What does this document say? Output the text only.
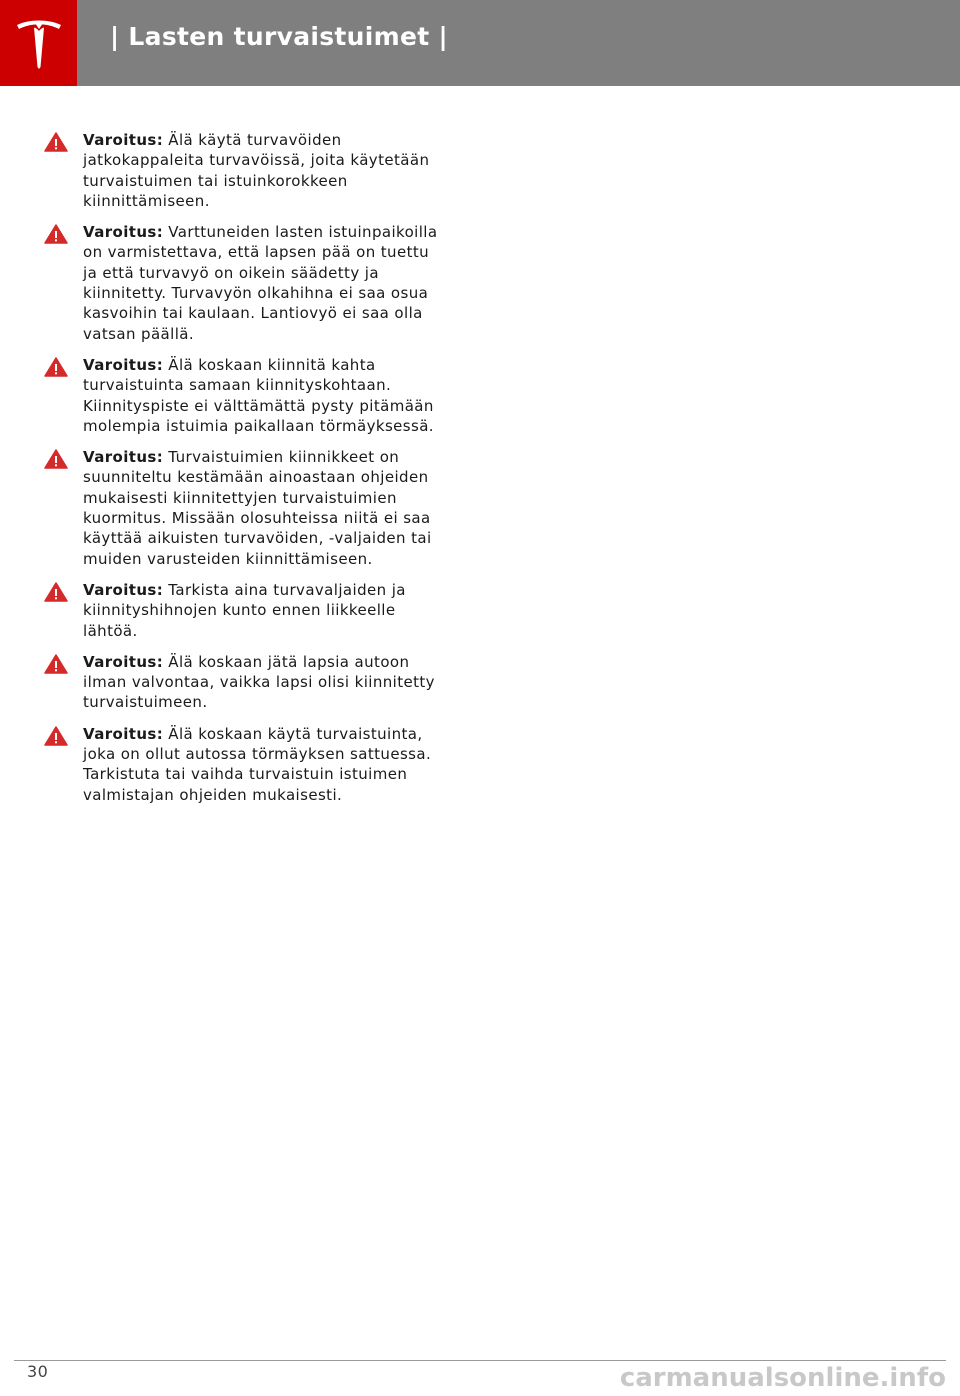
| Lasten turvaistuimet |
Varoitus: Älä käytä turvavöiden jatkokappaleita turvavöissä, joita käytetään turvaistuimen tai istuinkorokkeen kiinnittämiseen.
Varoitus: Varttuneiden lasten istuinpaikoilla on varmistettava, että lapsen pää on tuettu ja että turvavyö on oikein säädetty ja kiinnitetty. Turvavyön olkahihna ei saa osua kasvoihin tai kaulaan. Lantiovyö ei saa olla vatsan päällä.
Varoitus: Älä koskaan kiinnitä kahta turvaistuinta samaan kiinnityskohtaan. Kiinnityspiste ei välttämättä pysty pitämään molempia istuimia paikallaan törmäyksessä.
Varoitus: Turvaistuimien kiinnikkeet on suunniteltu kestämään ainoastaan ohjeiden mukaisesti kiinnitettyjen turvaistuimien kuormitus. Missään olosuhteissa niitä ei saa käyttää aikuisten turvavöiden, -valjaiden tai muiden varusteiden kiinnittämiseen.
Varoitus: Tarkista aina turvavaljaiden ja kiinnityshihnojen kunto ennen liikkeelle lähtöä.
Varoitus: Älä koskaan jätä lapsia autoon ilman valvontaa, vaikka lapsi olisi kiinnitetty turvaistuimeen.
Varoitus: Älä koskaan käytä turvaistuinta, joka on ollut autossa törmäyksen sattuessa. Tarkistuta tai vaihda turvaistuin istuimen valmistajan ohjeiden mukaisesti.
30	carmanualsonline.info
